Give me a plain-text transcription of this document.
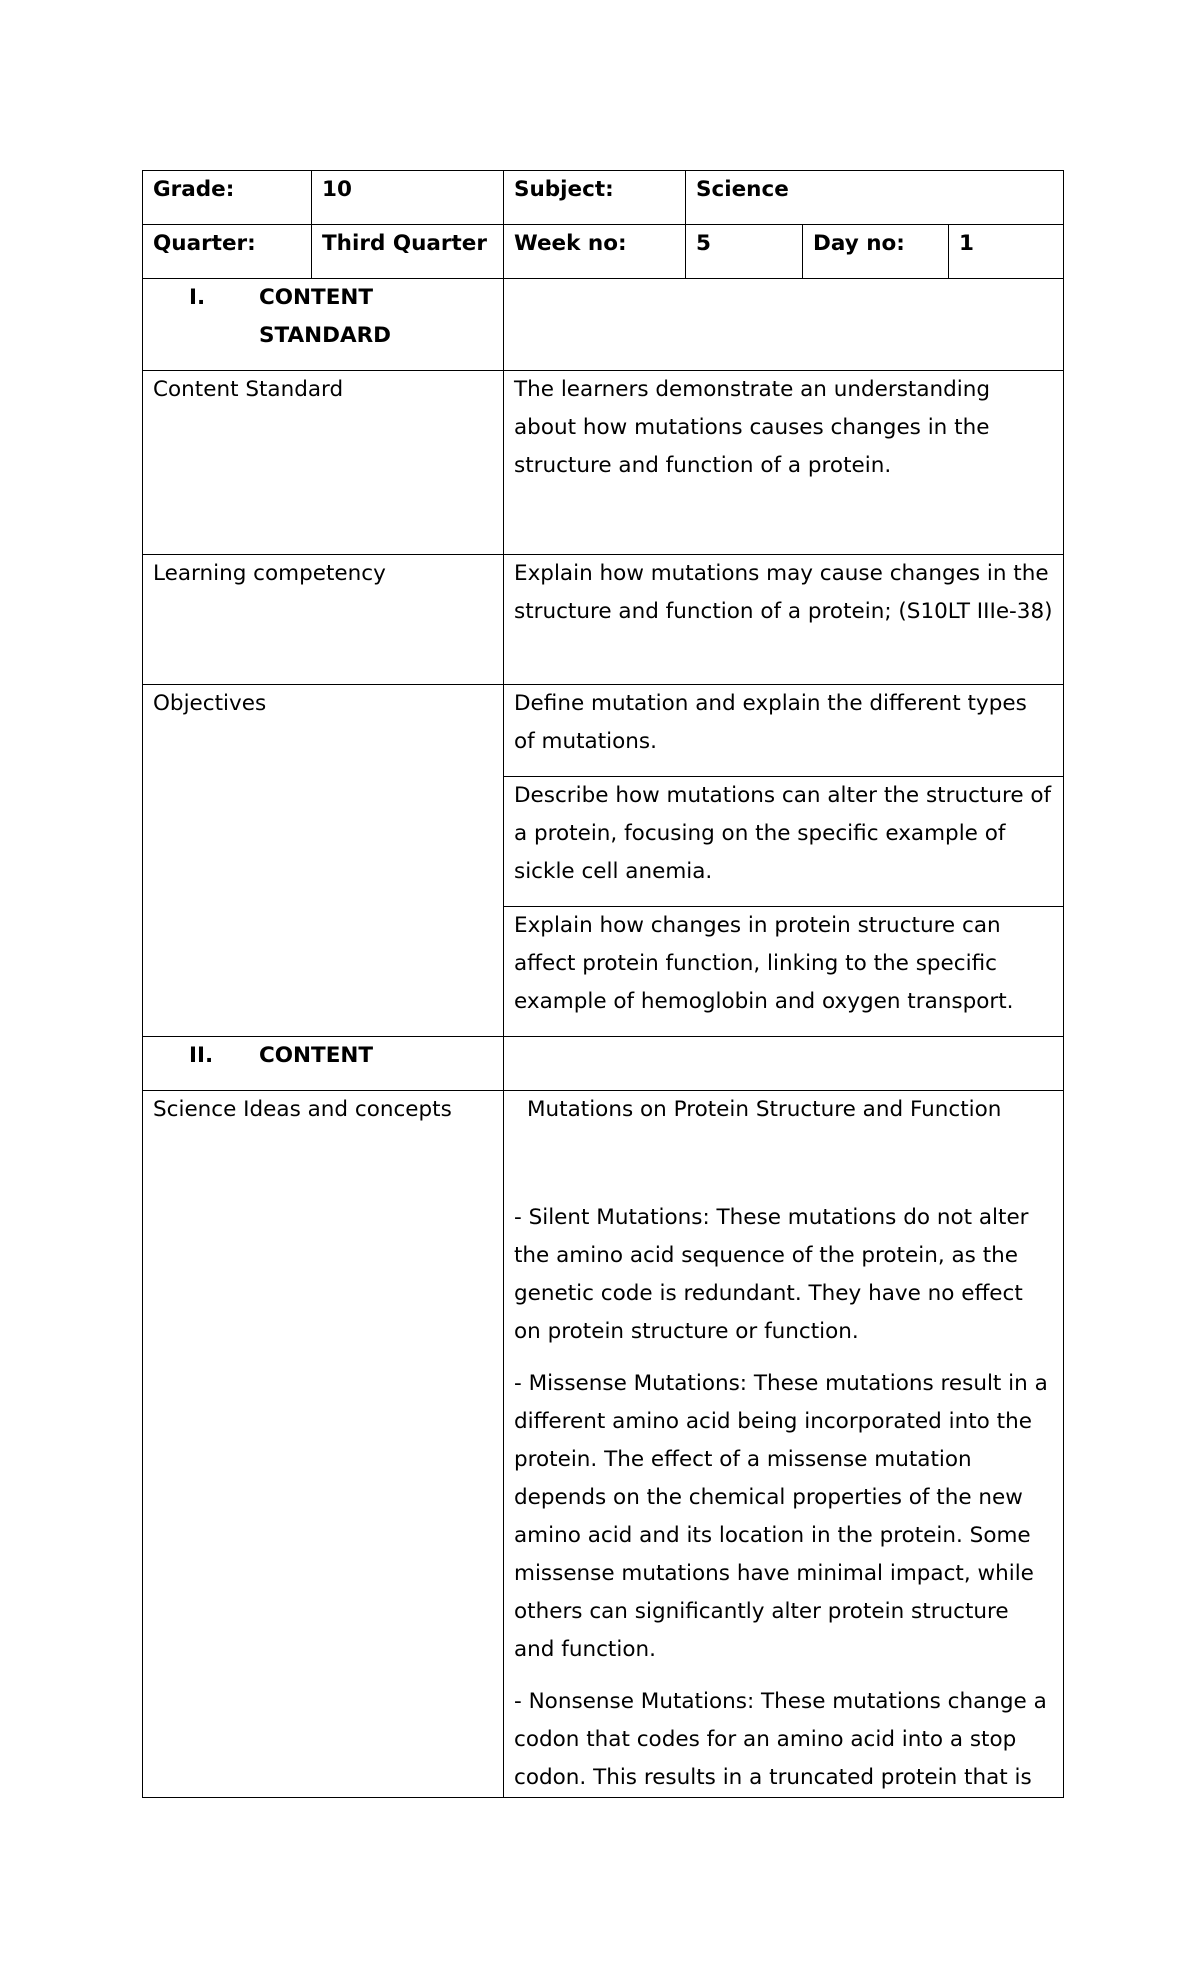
Grade:	10	Subject:	Science		
Quarter:	Third Quarter	Week no:	5	Day no:	1

I. CONTENT
STANDARD					

Content Standard		The learners demonstrate an understanding about how mutations causes changes in the structure and function of a protein.			
Learning competency		Explain how mutations may cause changes in the structure and function of a protein; (S10LT IIIe-38)			
Objectives		Define mutation and explain the different types of mutations.			
		Describe how mutations can alter the structure of a protein, focusing on the specific example of sickle cell anemia.			
		Explain how changes in protein structure can affect protein function, linking to the specific example of hemoglobin and oxygen transport.			

II. CONTENT					

Science Ideas and concepts		Mutations on Protein Structure and Function

- Silent Mutations: These mutations do not alter the amino acid sequence of the protein, as the genetic code is redundant. They have no effect on protein structure or function.

- Missense Mutations: These mutations result in a different amino acid being incorporated into the protein. The effect of a missense mutation depends on the chemical properties of the new amino acid and its location in the protein. Some missense mutations have minimal impact, while others can significantly alter protein structure and function.

- Nonsense Mutations: These mutations change a codon that codes for an amino acid into a stop codon. This results in a truncated protein that is			
